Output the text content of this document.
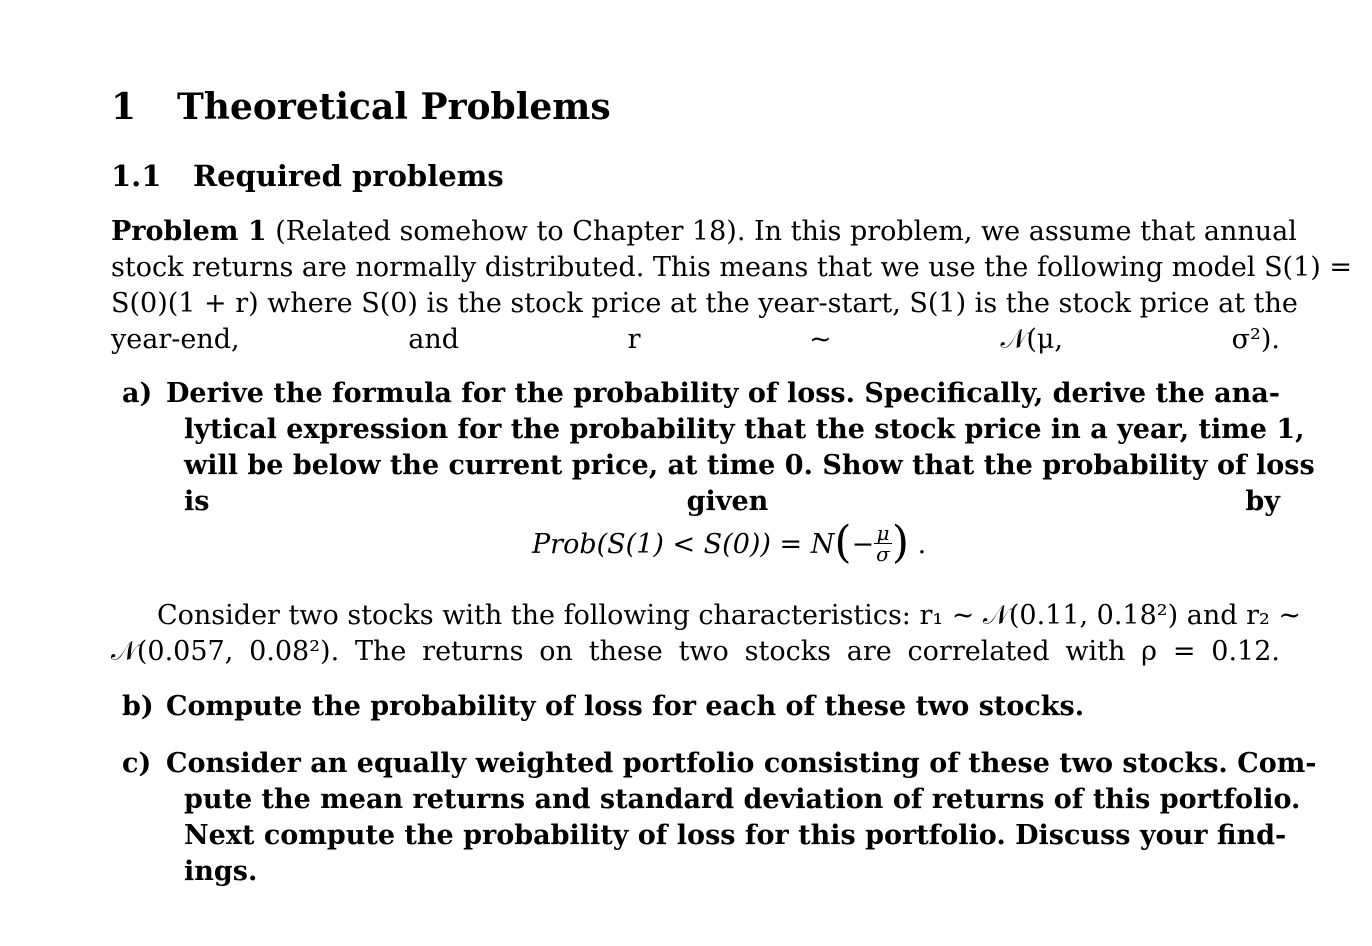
1 Theoretical Problems
1.1 Required problems
Problem 1 (Related somehow to Chapter 18). In this problem, we assume that annual
stock returns are normally distributed. This means that we use the following model S(1) =
S(0)(1 + r) where S(0) is the stock price at the year-start, S(1) is the stock price at the
year-end, and r ~ 𝒩(μ, σ²).
a) Derive the formula for the probability of loss. Specifically, derive the ana-
lytical expression for the probability that the stock price in a year, time 1,
will be below the current price, at time 0. Show that the probability of loss
is given by
Prob(S(1) < $S(0)) = N(- \frac{\mu}{\sigma}$ ) .
Consider two stocks with the following characteristics: r₁ ~ 𝒩(0.11, 0.18²) and r₂ ~
𝒩(0.057, 0.08²). The returns on these two stocks are correlated with ρ = 0.12.
b) Compute the probability of loss for each of these two stocks.
c) Consider an equally weighted portfolio consisting of these two stocks. Com-
pute the mean returns and standard deviation of returns of this portfolio.
Next compute the probability of loss for this portfolio. Discuss your find-
ings.
